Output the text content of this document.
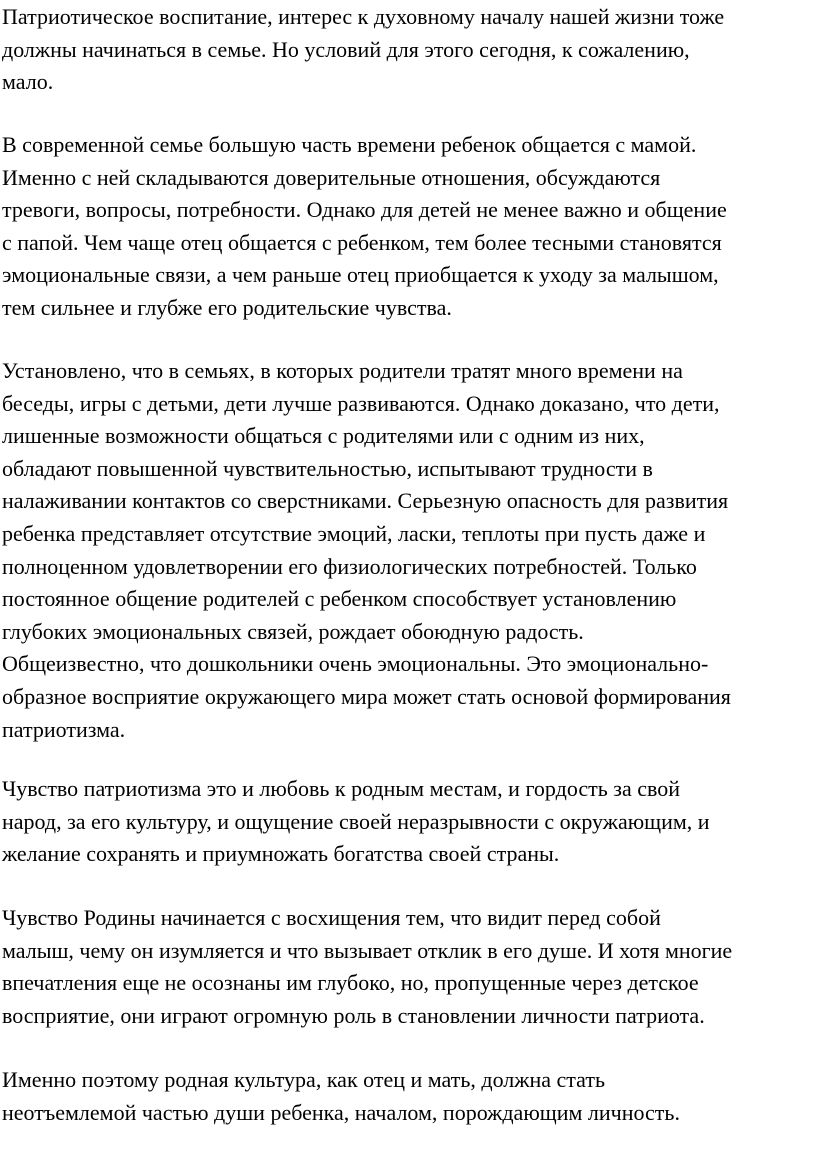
Патриотическое воспитание, интерес к духовному началу нашей жизни тоже
должны начинаться в семье. Но условий для этого сегодня, к сожалению,
мало.

В современной семье большую часть времени ребенок общается с мамой.
Именно с ней складываются доверительные отношения, обсуждаются
тревоги, вопросы, потребности. Однако для детей не менее важно и общение
с папой. Чем чаще отец общается с ребенком, тем более тесными становятся
эмоциональные связи, а чем раньше отец приобщается к уходу за малышом,
тем сильнее и глубже его родительские чувства.

Установлено, что в семьях, в которых родители тратят много времени на
беседы, игры с детьми, дети лучше развиваются. Однако доказано, что дети,
лишенные возможности общаться с родителями или с одним из них,
обладают повышенной чувствительностью, испытывают трудности в
налаживании контактов со сверстниками. Серьезную опасность для развития
ребенка представляет отсутствие эмоций, ласки, теплоты при пусть даже и
полноценном удовлетворении его физиологических потребностей. Только
постоянное общение родителей с ребенком способствует установлению
глубоких эмоциональных связей, рождает обоюдную радость.
Общеизвестно, что дошкольники очень эмоциональны. Это эмоционально-
образное восприятие окружающего мира может стать основой формирования
патриотизма.

Чувство патриотизма это и любовь к родным местам, и гордость за свой
народ, за его культуру, и ощущение своей неразрывности с окружающим, и
желание сохранять и приумножать богатства своей страны.

Чувство Родины начинается с восхищения тем, что видит перед собой
малыш, чему он изумляется и что вызывает отклик в его душе. И хотя многие
впечатления еще не осознаны им глубоко, но, пропущенные через детское
восприятие, они играют огромную роль в становлении личности патриота.

Именно поэтому родная культура, как отец и мать, должна стать
неотъемлемой частью души ребенка, началом, порождающим личность.
